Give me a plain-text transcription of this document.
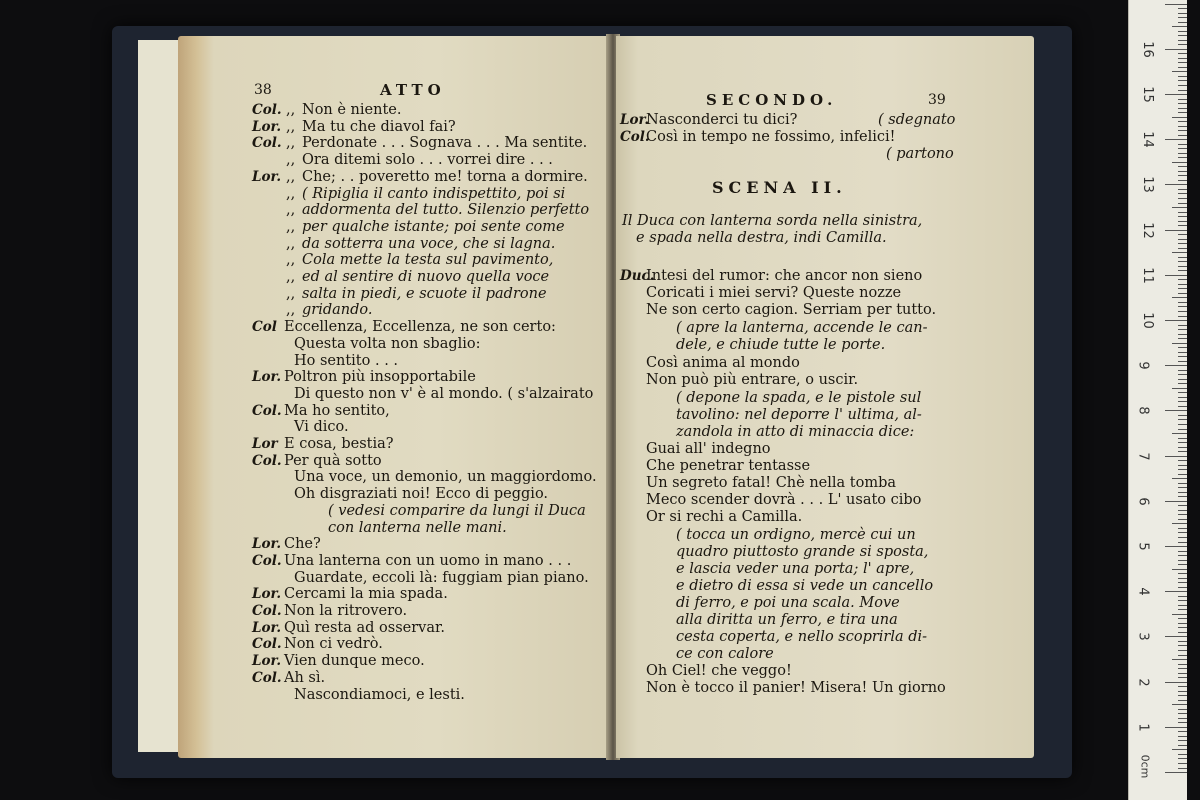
38	ATTO
Col. ,, Non è niente.
Lor. ,, Ma tu che diavol fai?
Col. ,, Perdonate . . . Sognava . . . Ma sentite.
,, Ora ditemi solo . . . vorrei dire . . .
Lor. ,, Che; . . poveretto me! torna a dormire.
,, ( Ripiglia il canto indispettito, poi si
,, addormenta del tutto. Silenzio perfetto
,, per qualche istante; poi sente come
,, da sotterra una voce, che si lagna.
,, Cola mette la testa sul pavimento,
,, ed al sentire di nuovo quella voce
,, salta in piedi, e scuote il padrone
,, gridando.
Col Eccellenza, Eccellenza, ne son certo:
Questa volta non sbaglio:
Ho sentito . . .
Lor. Poltron più insopportabile
Di questo non v' è al mondo. ( s'alzairato
Col. Ma ho sentito,
Vi dico.
Lor E cosa, bestia?
Col. Per quà sotto
Una voce, un demonio, un maggiordomo.
Oh disgraziati noi! Ecco di peggio.
( vedesi comparire da lungi il Duca
con lanterna nelle mani.
Lor. Che?
Col. Una lanterna con un uomo in mano . . .
Guardate, eccoli là: fuggiam pian piano.
Lor. Cercami la mia spada.
Col. Non la ritrovero.
Lor. Quì resta ad osservar.
Col. Non ci vedrò.
Lor. Vien dunque meco.
Col. Ah sì.
Nascondiamoci, e lesti.
SECONDO.	39
Lor.
Nasconderci tu dici?	( sdegnato
Col.
Così in tempo ne fossimo, infelici!
( partono
SCENA II.
Il Duca con lanterna sorda nella sinistra,
e spada nella destra, indi Camilla.
Duc.
Intesi del rumor: che ancor non sieno
Coricati i miei servi? Queste nozze
Ne son certo cagion. Serriam per tutto.
( apre la lanterna, accende le can-
dele, e chiude tutte le porte.
Così anima al mondo
Non può più entrare, o uscir.
( depone la spada, e le pistole sul
tavolino: nel deporre l' ultima, al-
zandola in atto di minaccia dice:
Guai all' indegno
Che penetrar tentasse
Un segreto fatal! Chè nella tomba
Meco scender dovrà . . . L' usato cibo
Or si rechi a Camilla.
( tocca un ordigno, mercè cui un
quadro piuttosto grande si sposta,
e lascia veder una porta; l' apre,
e dietro di essa si vede un cancello
di ferro, e poi una scala. Move
alla diritta un ferro, e tira una
cesta coperta, e nello scoprirla di-
ce con calore
Oh Ciel! che veggo!
Non è tocco il panier! Misera! Un giorno
1
2
3
4
5
6
7
8
9
10
11
12
13
14
15
16
0cm
